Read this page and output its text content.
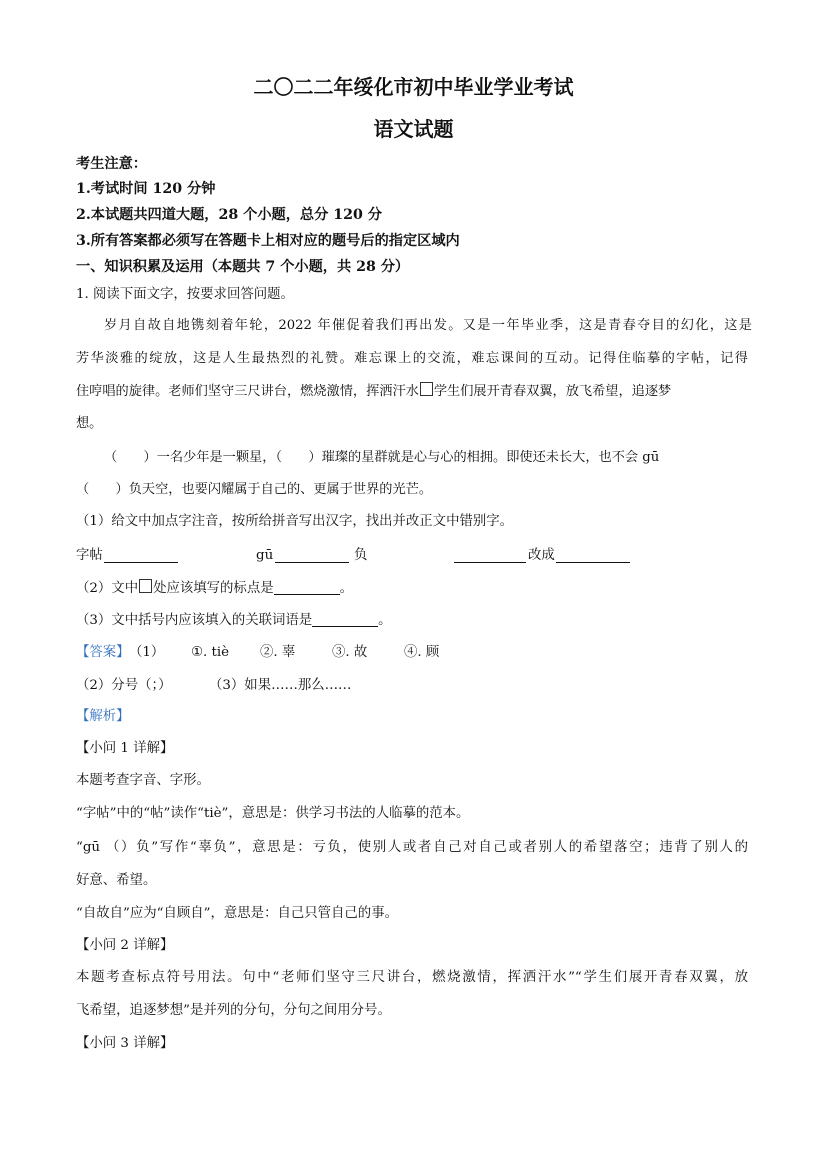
二〇二二年绥化市初中毕业学业考试
语文试题
考生注意：
1.考试时间 120 分钟
2.本试题共四道大题，28 个小题，总分 120 分
3.所有答案都必须写在答题卡上相对应的题号后的指定区域内
一、知识积累及运用（本题共 7 个小题，共 28 分）
1. 阅读下面文字，按要求回答问题。
岁月自故自地镌刻着年轮，2022 年催促着我们再出发。又是一年毕业季，这是青春夺目的幻化，这是
芳华淡雅的绽放，这是人生最热烈的礼赞。难忘课上的交流，难忘课间的互动。记得住临摹的字帖，记得
住哼唱的旋律。老师们坚守三尺讲台，燃烧激情，挥洒汗水 学生们展开青春双翼，放飞希望，追逐梦
想。
（　　）一名少年是一颗星，（　　）璀璨的星群就是心与心的相拥。即使还未长大，也不会 gū
（　　）负天空，也要闪耀属于自己的、更属于世界的光芒。
（1）给文中加点字注音，按所给拼音写出汉字，找出并改正文中错别字。
字帖	gū	负	改成
（2）文中 处应该填写的标点是	。
（3）文中括号内应该填入的关联词语是	。
【答案】 （1） ①. tiè ②. 辜	③. 故	④. 顾
（2）分号（；）	（3）如果……那么……
【解析】
【小问 1 详解】
本题考查字音、字形。
“字帖”中的“帖”读作“tiè”，意思是：供学习书法的人临摹的范本。
“gū （）负”写作“辜负”，意思是：亏负，使别人或者自己对自己或者别人的希望落空；违背了别人的
好意、希望。
“自故自”应为“自顾自”，意思是：自己只管自己的事。
【小问 2 详解】
本题考查标点符号用法。句中“老师们坚守三尺讲台，燃烧激情，挥洒汗水”“学生们展开青春双翼，放
飞希望，追逐梦想”是并列的分句，分句之间用分号。
【小问 3 详解】
